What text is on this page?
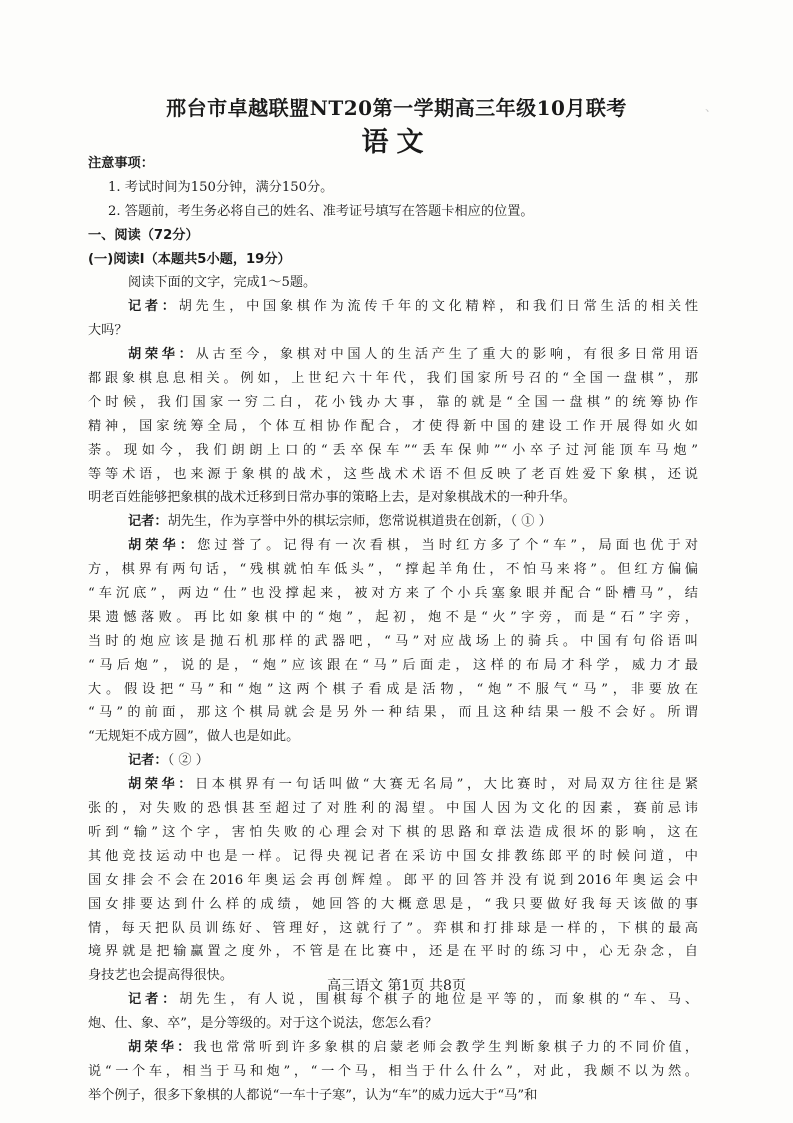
、
邢台市卓越联盟NT20第一学期高三年级10月联考
语文
注意事项：
1. 考试时间为150分钟，满分150分。
2. 答题前，考生务必将自己的姓名、准考证号填写在答题卡相应的位置。
一、阅读（72分）
(一)阅读Ⅰ（本题共5小题，19分）
阅读下面的文字，完成1～5题。
记者：胡先生，中国象棋作为流传千年的文化精粹，和我们日常生活的相关性
大吗？
胡荣华：从古至今，象棋对中国人的生活产生了重大的影响，有很多日常用语
都跟象棋息息相关。例如，上世纪六十年代，我们国家所号召的“全国一盘棋”，那
个时候，我们国家一穷二白，花小钱办大事，靠的就是“全国一盘棋”的统筹协作
精神，国家统筹全局，个体互相协作配合，才使得新中国的建设工作开展得如火如
荼。现如今，我们朗朗上口的“丢卒保车”“丢车保帅”“小卒子过河能顶车马炮”
等等术语，也来源于象棋的战术，这些战术术语不但反映了老百姓爱下象棋，还说
明老百姓能够把象棋的战术迁移到日常办事的策略上去，是对象棋战术的一种升华。
记者：胡先生，作为享誉中外的棋坛宗师，您常说棋道贵在创新，（ ① ）
胡荣华：您过誉了。记得有一次看棋，当时红方多了个“车”，局面也优于对
方，棋界有两句话，“残棋就怕车低头”，“撑起羊角仕，不怕马来将”。但红方偏偏
“车沉底”，两边“仕”也没撑起来，被对方来了个小兵塞象眼并配合“卧槽马”，结
果遗憾落败。再比如象棋中的“炮”，起初，炮不是“火”字旁，而是“石”字旁，
当时的炮应该是抛石机那样的武器吧，“马”对应战场上的骑兵。中国有句俗语叫
“马后炮”，说的是，“炮”应该跟在“马”后面走，这样的布局才科学，威力才最
大。假设把“马”和“炮”这两个棋子看成是活物，“炮”不服气“马”，非要放在
“马”的前面，那这个棋局就会是另外一种结果，而且这种结果一般不会好。所谓
“无规矩不成方圆”，做人也是如此。
记者：（ ② ）
胡荣华：日本棋界有一句话叫做“大赛无名局”，大比赛时，对局双方往往是紧
张的，对失败的恐惧甚至超过了对胜利的渴望。中国人因为文化的因素，赛前忌讳
听到“输”这个字，害怕失败的心理会对下棋的思路和章法造成很坏的影响，这在
其他竞技运动中也是一样。记得央视记者在采访中国女排教练郎平的时候问道，中
国女排会不会在2016年奥运会再创辉煌。郎平的回答并没有说到2016年奥运会中
国女排要达到什么样的成绩，她回答的大概意思是，“我只要做好我每天该做的事
情，每天把队员训练好、管理好，这就行了”。弈棋和打排球是一样的，下棋的最高
境界就是把输赢置之度外，不管是在比赛中，还是在平时的练习中，心无杂念，自
身技艺也会提高得很快。
记者：胡先生，有人说，围棋每个棋子的地位是平等的，而象棋的“车、马、
炮、仕、象、卒”，是分等级的。对于这个说法，您怎么看？
胡荣华：我也常常听到许多象棋的启蒙老师会教学生判断象棋子力的不同价值，
说“一个车，相当于马和炮”，“一个马，相当于什么什么”，对此，我颇不以为然。
举个例子，很多下象棋的人都说“一车十子寒”，认为“车”的威力远大于“马”和
高三语文 第1页 共8页
